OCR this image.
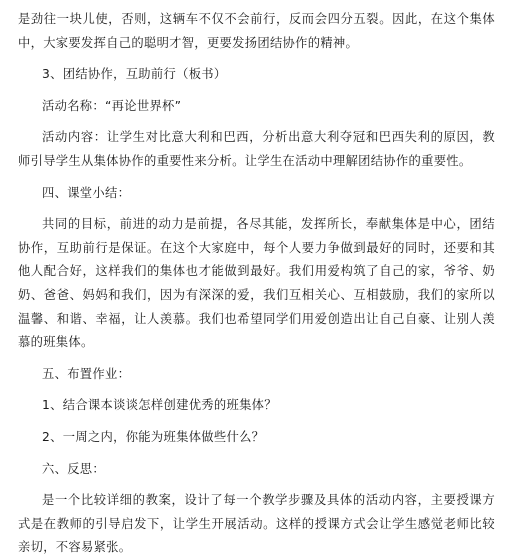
是劲往一块儿使，否则，这辆车不仅不会前行，反而会四分五裂。因此，在这个集体中，大家要发挥自己的聪明才智，更要发扬团结协作的精神。

3、团结协作，互助前行（板书）

活动名称：“再论世界杯”

活动内容：让学生对比意大利和巴西，分析出意大利夺冠和巴西失利的原因，教师引导学生从集体协作的重要性来分析。让学生在活动中理解团结协作的重要性。

四、课堂小结：

共同的目标，前进的动力是前提，各尽其能，发挥所长，奉献集体是中心，团结协作，互助前行是保证。在这个大家庭中，每个人要力争做到最好的同时，还要和其他人配合好，这样我们的集体也才能做到最好。我们用爱构筑了自己的家，爷爷、奶奶、爸爸、妈妈和我们，因为有深深的爱，我们互相关心、互相鼓励，我们的家所以温馨、和谐、幸福，让人羡慕。我们也希望同学们用爱创造出让自己自豪、让别人羡慕的班集体。

五、布置作业：

1、结合课本谈谈怎样创建优秀的班集体？

2、一周之内，你能为班集体做些什么？

六、反思：

是一个比较详细的教案，设计了每一个教学步骤及具体的活动内容，主要授课方式是在教师的引导启发下，让学生开展活动。这样的授课方式会让学生感觉老师比较亲切，不容易紧张。
